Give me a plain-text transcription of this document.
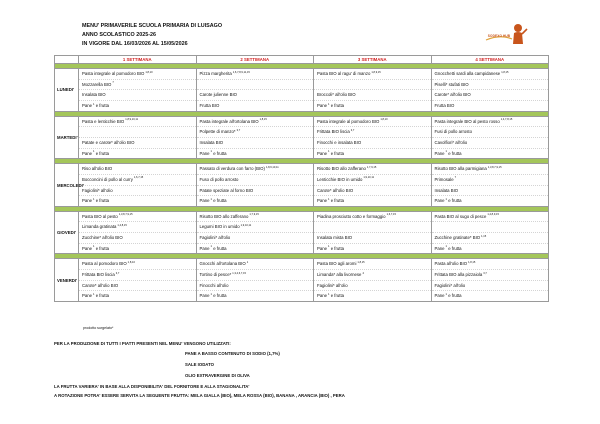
MENU' PRIMAVERILE SCUOLA PRIMARIA DI LUISAGO
ANNO SCOLASTICO 2025-26
IN VIGORE DAL 16/03/2026 AL 15/05/2026
SODEXO HUB
	1 SETTIMANA	2 SETTIMANA	3 SETTIMANA	4 SETTIMANA

LUNEDI'	Pasta integrale al pomodoro BIO$^{1,8,10}$
Mozzarella BIO$^7$
Insalata BIO
Pane$^1$ e frutta	Pizza margherita$^{1,6,7,8,9,11,15}$
Carote julienne BIO
Frutta BIO	Pasta BIO al ragu' di manzo$^{1,8,9,15}$
Broccoli* all'olio BIO
Pane$^1$ e frutta	Gnocchetti sardi alla campidanese$^{1,8,15}$
Piselli* stufati BIO
Carote* all'olio BIO
Frutta BIO

MARTEDI'	Pasta e lenticchie BIO$^{1,8,9,10,11}$
Patate e carote* all'olio BIO
Pane$^1$ e frutta	Pasta integrale all'ortolana BIO$^{1,8,15}$
Polpette di manzo*$^{3,7}$
Insalata BIO
Pane$^1$ e frutta	Pasta integrale al pomodoro BIO$^{1,8,10}$
Frittata BIO liscia$^{3,7}$
Finocchi e insalata BIO
Pane$^1$ e frutta	Pasta integrale BIO al pesto rosso$^{1,4,7,8,15}$
Fusi di pollo arrosto
Cavolfiori* all'olio
Pane$^1$ e frutta

MERCOLEDI'	Riso all'olio BIO
Bocconcini di pollo al curry$^{1,6,7,15}$
Fagiolini* all'olio
Pane$^1$ e frutta	Passato di verdura con farro (BIO)$^{1,8,9,10,11}$
Fuso di pollo arrosto
Patate speziate al forno BIO
Pane$^1$ e frutta	Risotto BIO allo zafferano$^{1,7,9,15}$
Lenticchie BIO in umido$^{1,9,10,11}$
Carote* all'olio BIO
Pane$^1$ e frutta	Risotto BIO alla parmigiana$^{1,3,8,7,9,15}$
Primosale$^7$
Insalata BIO
Pane$^1$ e frutta

GIOVEDI'	Pasta BIO al pesto$^{1,3,8,7,9,15}$
Limanda gratinata$^{1,4,8,15}$
Zucchine* all'olio BIO
Pane$^1$ e frutta	Risotto BIO allo zafferano$^{1,7,9,15}$
Legumi BIO in umido$^{1,9,10,11}$
Fagiolini* all'olio
Pane$^1$ e frutta	Piadina prosciutto cotto e formaggio$^{1,6,7,15}$
Insalata mista BIO
Pane$^1$ e frutta	Pasta BIO al sugo di pesce$^{1,4,8,9,15}$
Zucchine gratinate* BIO$^{1,15}$
Pane$^1$ e frutta

VENERDI'	Pasta al pomodoro BIO$^{1,8,10}$
Frittata BIO liscia$^{3,7}$
Carote* all'olio BIO
Pane$^1$ e frutta	Gnocchi all'ortolana BIO$^1$
Tortino di pesce*$^{1,3,4,6,7,15}$
Finocchi all'olio
Pane$^1$ e frutta	Pasta BIO agli aromi$^{1,8,15}$
Limanda* alla livornese$^4$
Fagiolini* all'olio
Pane$^1$ e frutta	Pasta all'olio BIO$^{1,8,15}$
Frittata BIO alla pizzaiola$^{3,7}$
Fagiolini* all'olio
Pane$^1$ e frutta
prodotto surgelato*
PER LA PRODUZIONE DI TUTTI I PIATTI PRESENTI NEL MENU' VENGONO UTILIZZATI:
PANE A BASSO CONTENUTO DI SODIO (1,7%)
SALE IODATO
OLIO EXTRAVERGINE DI OLIVA
LA FRUTTA VARIERA' IN BASE ALLA DISPONIBILITA' DEL FORNITORE E ALLA STAGIONALITA'
A ROTAZIONE POTRA' ESSERE SERVITA LA SEGUENTE FRUTTA: MELA GIALLA (BIO), MELA ROSSA (BIO), BANANA , ARANCIA (BIO) , PERA
